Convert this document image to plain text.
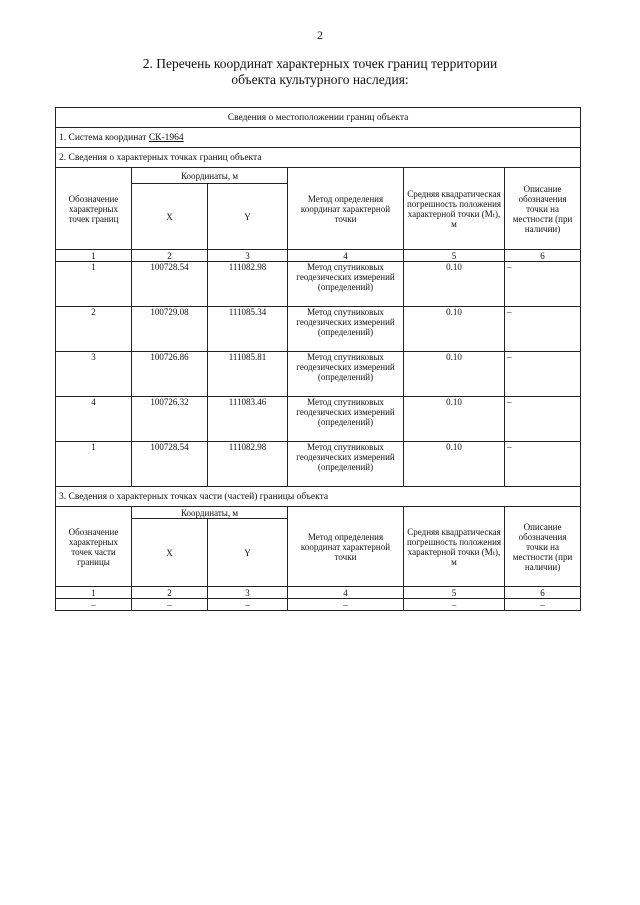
2
2. Перечень координат характерных точек границ территории
объекта культурного наследия:
Сведения о местоположении границ объекта					
1. Система координат СК-1964					
2. Сведения о характерных точках границ объекта					
Обозначение характерных точек границ	Координаты, м		Метод определения координат характерной точки	Средняя квадратическая погрешность положения характерной точки (Mₜ), м	Описание обозначения точки на местности (при наличии)
	X	Y			
1	2	3	4	5	6
1	100728.54	111082.98	Метод спутниковых геодезических измерений (определений)	0.10	–
2	100729.08	111085.34	Метод спутниковых геодезических измерений (определений)	0.10	–
3	100726.86	111085.81	Метод спутниковых геодезических измерений (определений)	0.10	–
4	100726.32	111083.46	Метод спутниковых геодезических измерений (определений)	0.10	–
1	100728.54	111082.98	Метод спутниковых геодезических измерений (определений)	0.10	–
3. Сведения о характерных точках части (частей) границы объекта					
Обозначение характерных точек части границы	Координаты, м		Метод определения координат характерной точки	Средняя квадратическая погрешность положения характерной точки (Mₜ), м	Описание обозначения точки на местности (при наличии)
	X	Y			
1	2	3	4	5	6
–	–	–	–	–	–
